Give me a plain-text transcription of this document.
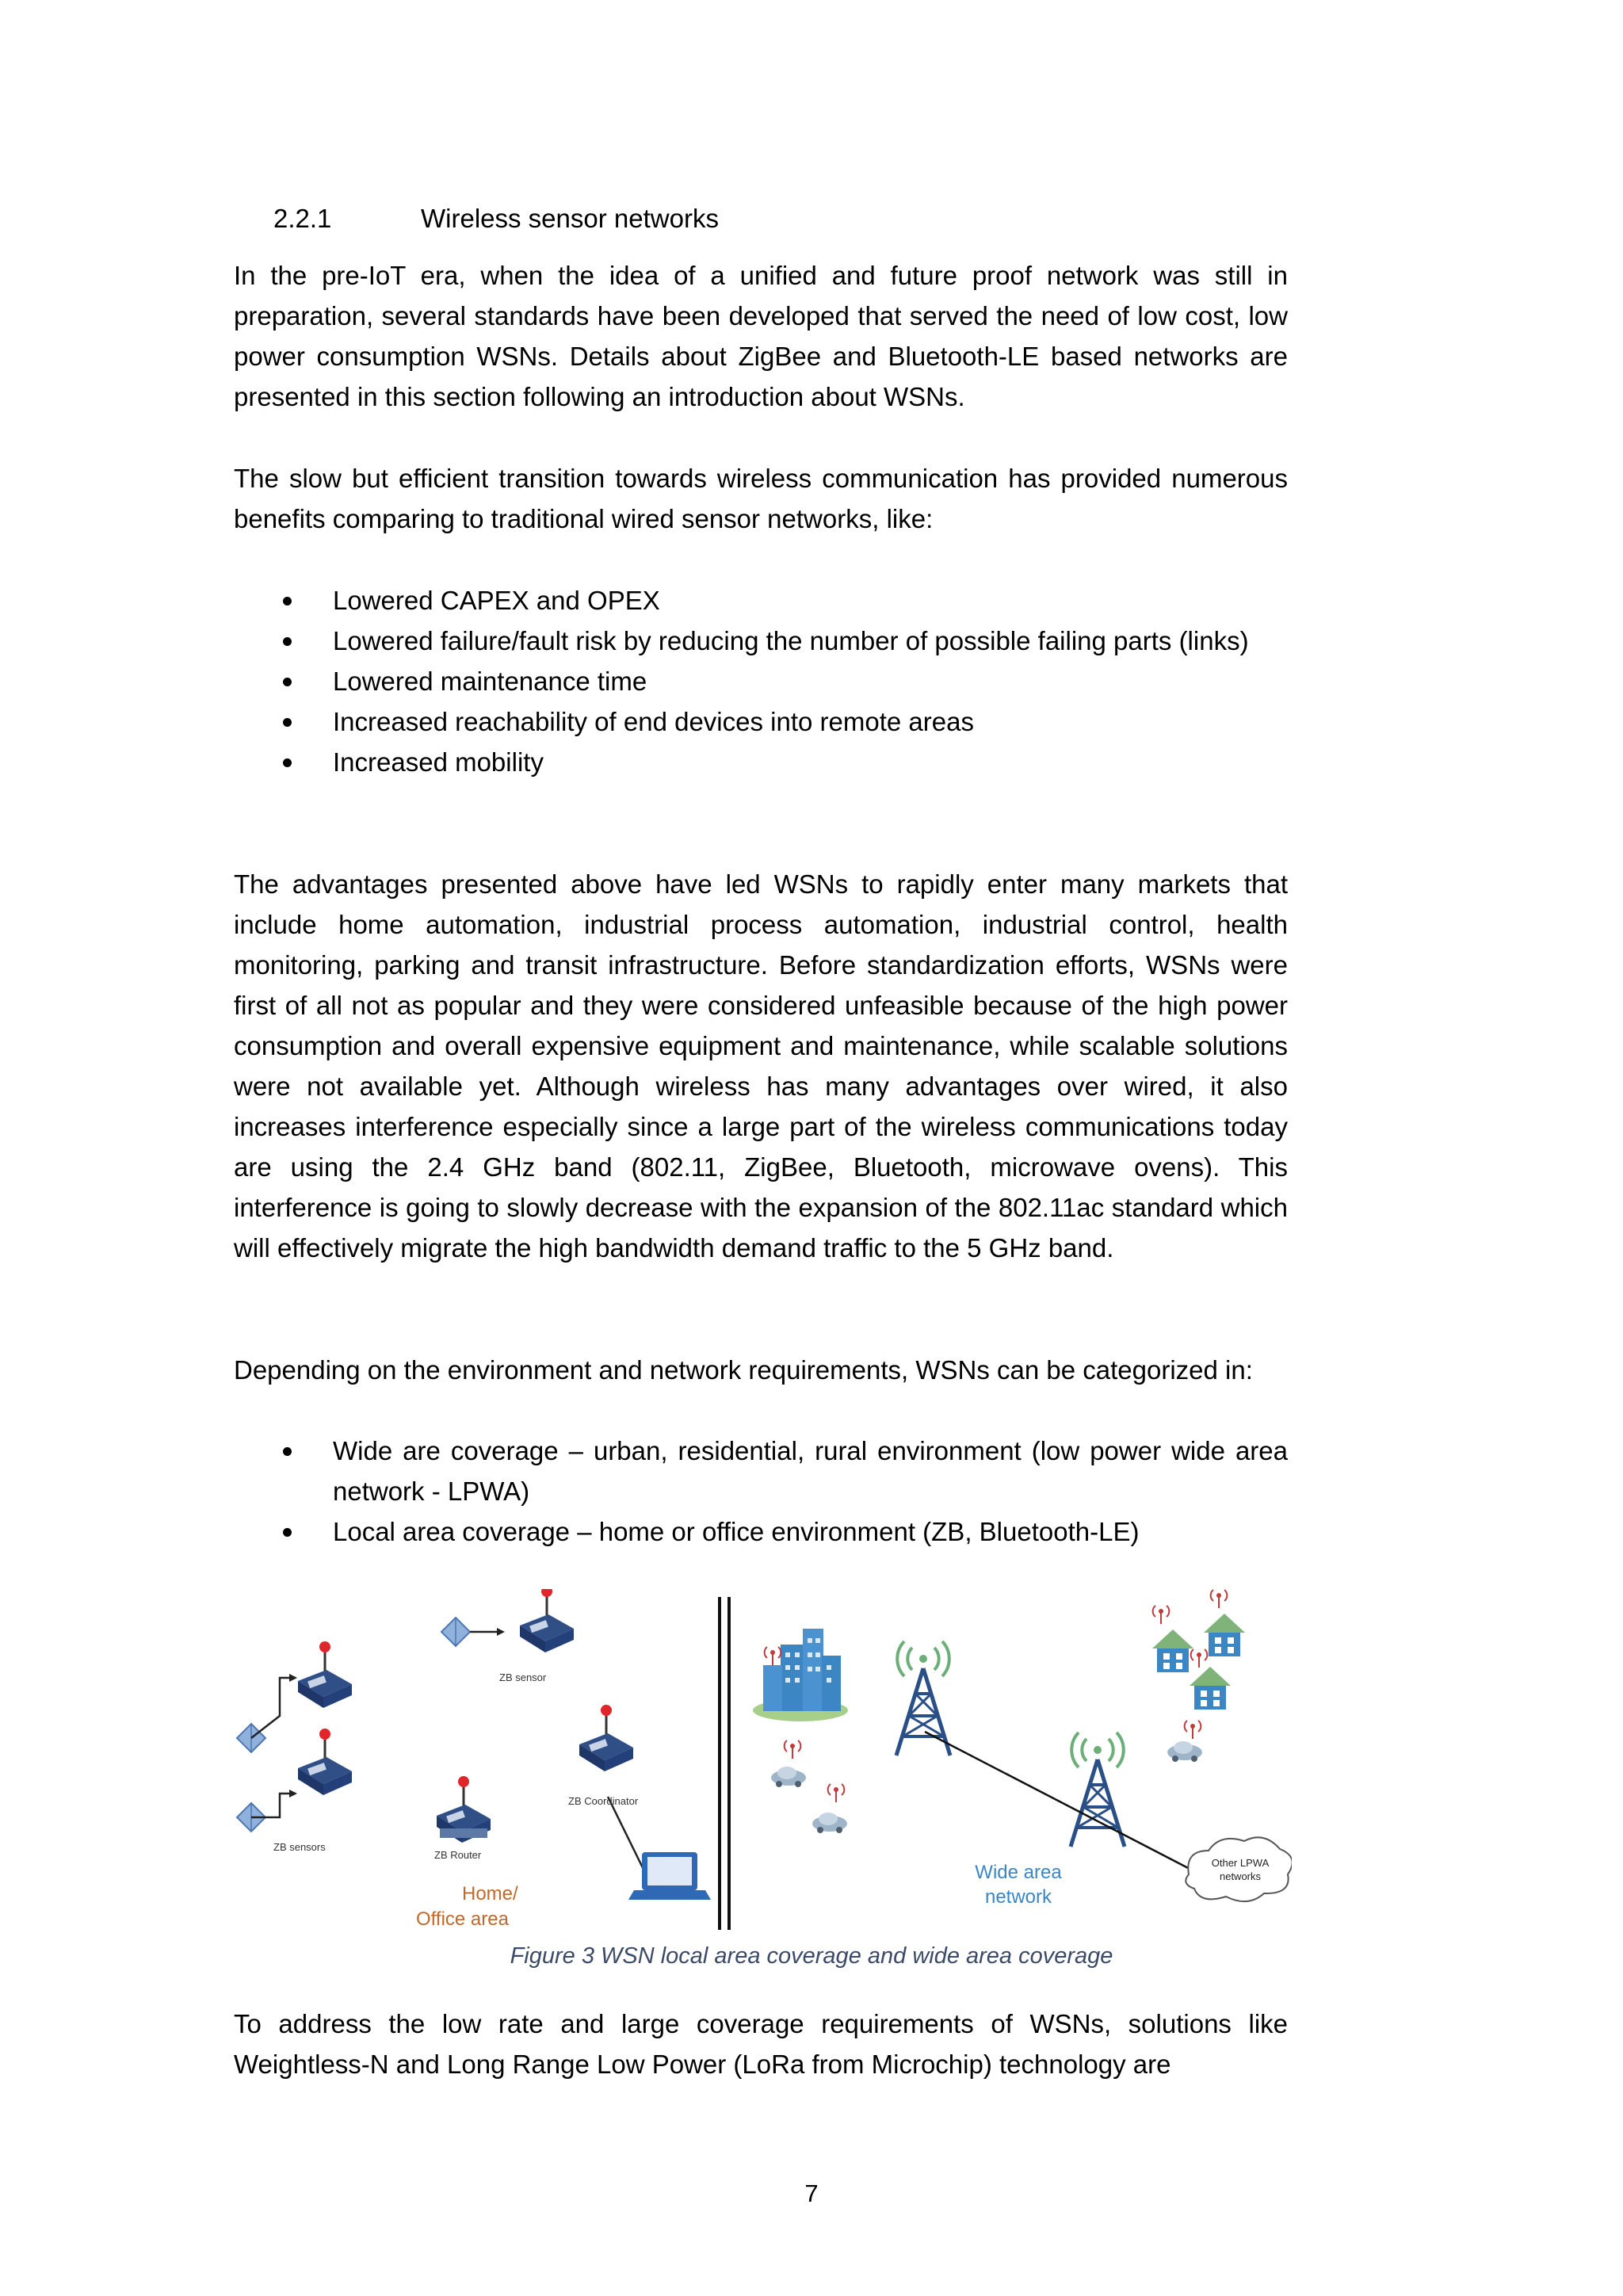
2.2.1	Wireless sensor networks
In the pre-IoT era, when the idea of a unified and future proof network was still in preparation, several standards have been developed that served the need of low cost, low power consumption WSNs. Details about ZigBee and Bluetooth-LE based networks are presented in this section following an introduction about WSNs.
The slow but efficient transition towards wireless communication has provided numerous benefits comparing to traditional wired sensor networks, like:
Lowered CAPEX and OPEX
Lowered failure/fault risk by reducing the number of possible failing parts (links)
Lowered maintenance time
Increased reachability of end devices into remote areas
Increased mobility
The advantages presented above have led WSNs to rapidly enter many markets that include home automation, industrial process automation, industrial control, health monitoring, parking and transit infrastructure. Before standardization efforts, WSNs were first of all not as popular and they were considered unfeasible because of the high power consumption and overall expensive equipment and maintenance, while scalable solutions were not available yet. Although wireless has many advantages over wired, it also increases interference especially since a large part of the wireless communications today are using the 2.4 GHz band (802.11, ZigBee, Bluetooth, microwave ovens). This interference is going to slowly decrease with the expansion of the 802.11ac standard which will effectively migrate the high bandwidth demand traffic to the 5 GHz band.
Depending on the environment and network requirements, WSNs can be categorized in:
Wide are coverage – urban, residential, rural environment (low power wide area network - LPWA)
Local area coverage – home or office environment (ZB, Bluetooth-LE)
ZB sensor
ZB sensors
ZB Router
ZB Coordinator
Home/
Office area
Other LPWA
networks
Wide area
network
Figure 3 WSN local area coverage and wide area coverage
To address the low rate and large coverage requirements of WSNs, solutions like Weightless-N and Long Range Low Power (LoRa from Microchip) technology are
7
